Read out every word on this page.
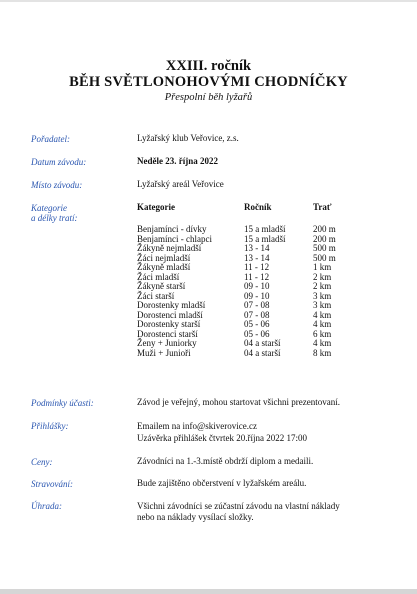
XXIII. ročník
BĚH SVĚTLONOHOVÝMI CHODNÍČKY
Přespolní běh lyžařů
Pořadatel:	Lyžařský klub Veřovice, z.s.
Datum závodu:	Neděle 23. října 2022
Místo závodu:	Lyžařský areál Veřovice
Kategorie
a délky tratí:
Kategorie	Ročník	Trať
Benjamínci - dívky	15 a mladší	200 m
Benjamínci - chlapci	15 a mladší	200 m
Žákyně nejmladší	13 - 14	500 m
Žáci nejmladší	13 - 14	500 m
Žákyně mladší	11 - 12	1 km
Žáci mladší	11 - 12	2 km
Žákyně starší	09 - 10	2 km
Žáci starší	09 - 10	3 km
Dorostenky mladší	07 - 08	3 km
Dorostenci mladší	07 - 08	4 km
Dorostenky starší	05 - 06	4 km
Dorostenci starší	05 - 06	6 km
Ženy + Juniorky	04 a starší	4 km
Muži + Junioři	04 a starší	8 km
Podmínky účasti:	Závod je veřejný, mohou startovat všichni prezentovaní.
Přihlášky:	Emailem na info@skiverovice.cz
Uzávěrka přihlášek čtvrtek 20.října 2022 17:00
Ceny:	Závodníci na 1.-3.místě obdrží diplom a medaili.
Stravování:	Bude zajištěno občerstvení v lyžařském areálu.
Úhrada:	Všichni závodníci se zúčastní závodu na vlastní náklady
nebo na náklady vysílací složky.
